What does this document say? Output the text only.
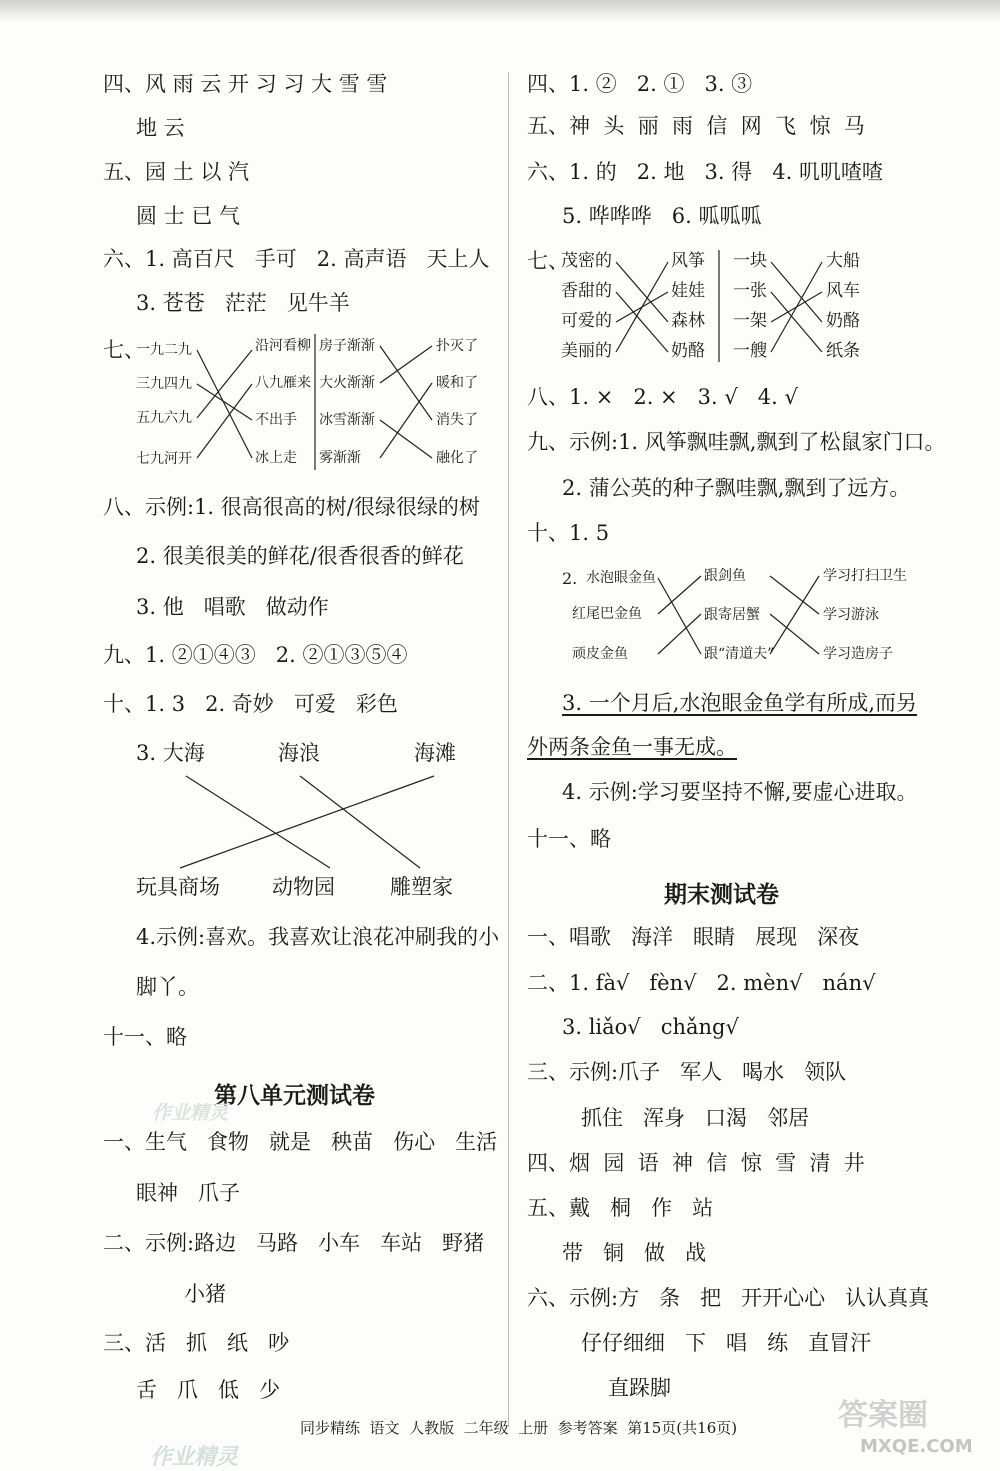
四、风 雨 云 开 习 习 大 雪 雪
地 云
五、园 土 以 汽
圆 士 已 气
六、1. 高百尺   手可   2. 高声语   天上人
3. 苍苍   茫茫   见牛羊
七、
一九二九
三九四九
五九六九
七九河开
沿河看柳
八九雁来
不出手
冰上走
房子渐渐
大火渐渐
冰雪渐渐
雾渐渐
扑灭了
暖和了
消失了
融化了
八、示例:1. 很高很高的树/很绿很绿的树
2. 很美很美的鲜花/很香很香的鲜花
3. 他   唱歌   做动作
九、1. ②①④③   2. ②①③⑤④
十、1. 3   2. 奇妙   可爱   彩色
3. 大海	海浪	海滩
玩具商场 动物园	雕塑家
4.示例:喜欢。我喜欢让浪花冲刷我的小
脚丫。
十一、略
第八单元测试卷
一、生气   食物   就是   秧苗   伤心   生活
眼神   爪子
二、示例:路边   马路   小车   车站   野猪
小猪
三、活   抓   纸   吵
舌   爪   低   少
四、1. ②   2. ①   3. ③
五、神  头  丽  雨  信  网  飞  惊  马
六、1. 的   2. 地   3. 得   4. 叽叽喳喳
5. 哗哗哗   6. 呱呱呱
七、
茂密的
香甜的
可爱的
美丽的
风筝
娃娃
森林
奶酪
一块
一张
一架
一艘
大船
风车
奶酪
纸条
八、1. ×   2. ×   3. √   4. √
九、示例:1. 风筝飘哇飘,飘到了松鼠家门口。
2. 蒲公英的种子飘哇飘,飘到了远方。
十、1. 5
2. 水泡眼金鱼
红尾巴金鱼
顽皮金鱼
跟剑鱼
跟寄居蟹
跟“清道夫”
学习打扫卫生
学习游泳
学习造房子
3. 一个月后,水泡眼金鱼学有所成,而另
外两条金鱼一事无成。
4. 示例:学习要坚持不懈,要虚心进取。
十一、略
期末测试卷
一、唱歌   海洋   眼睛   展现   深夜
二、1. fà√   fèn√   2. mèn√   nán√
3. liǎo√   chǎng√
三、示例:爪子   军人   喝水   领队
抓住   浑身   口渴   邻居
四、烟  园  语  神  信  惊  雪  清  井
五、戴   桐   作   站
带   铜   做   战
六、示例:方   条   把   开开心心   认认真真
仔仔细细   下   唱   练   直冒汗
直跺脚
同步精练  语文  人教版  二年级  上册  参考答案  第15页(共16页)	答案圈
MXQE.COM
作业精灵
作业精灵
